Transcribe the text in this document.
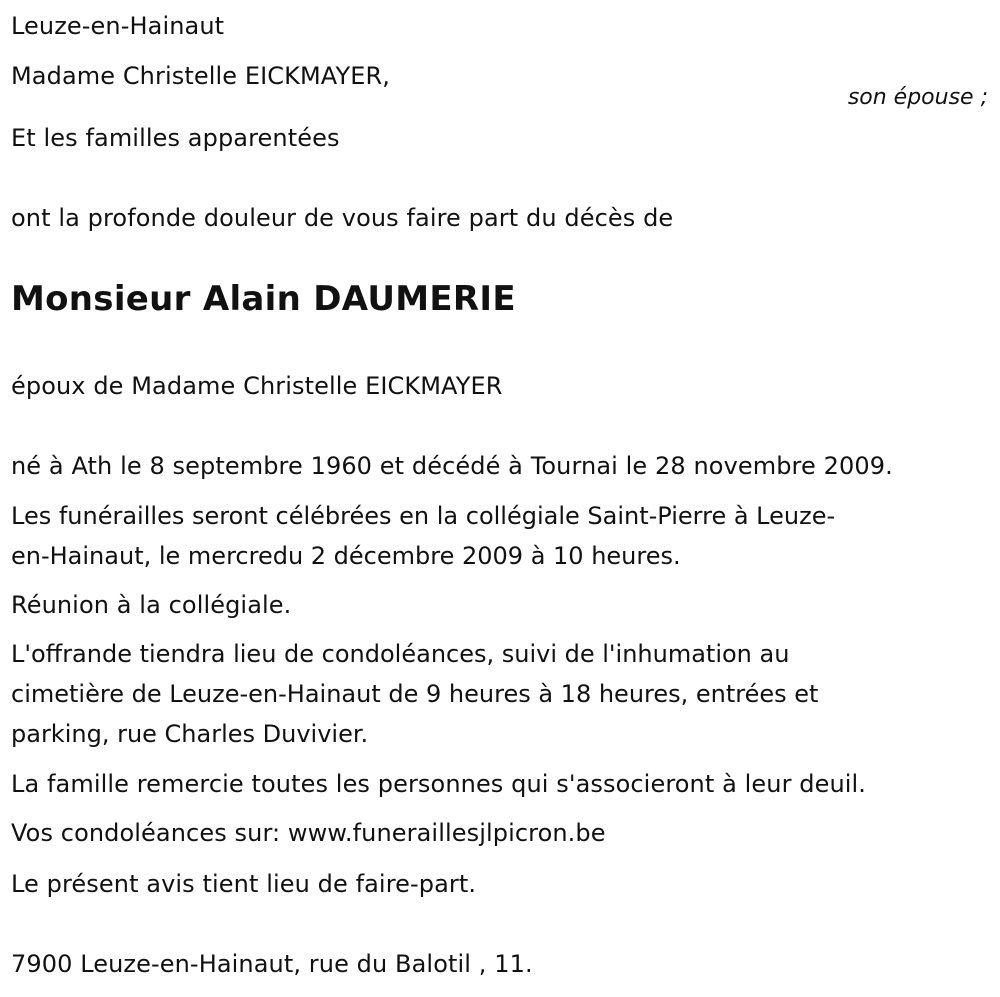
Leuze-en-Hainaut

Madame Christelle EICKMAYER,

son épouse ;

Et les familles apparentées

ont la profonde douleur de vous faire part du décès de

Monsieur Alain DAUMERIE

époux de Madame Christelle EICKMAYER

né à Ath le 8 septembre 1960 et décédé à Tournai le 28 novembre 2009.

Les funérailles seront célébrées en la collégiale Saint-Pierre à Leuze-
en-Hainaut, le mercredu 2 décembre 2009 à 10 heures.

Réunion à la collégiale.

L'offrande tiendra lieu de condoléances, suivi de l'inhumation au
cimetière de Leuze-en-Hainaut de 9 heures à 18 heures, entrées et
parking, rue Charles Duvivier.

La famille remercie toutes les personnes qui s'associeront à leur deuil.

Vos condoléances sur: www.funeraillesjlpicron.be

Le présent avis tient lieu de faire-part.

7900 Leuze-en-Hainaut, rue du Balotil , 11.
